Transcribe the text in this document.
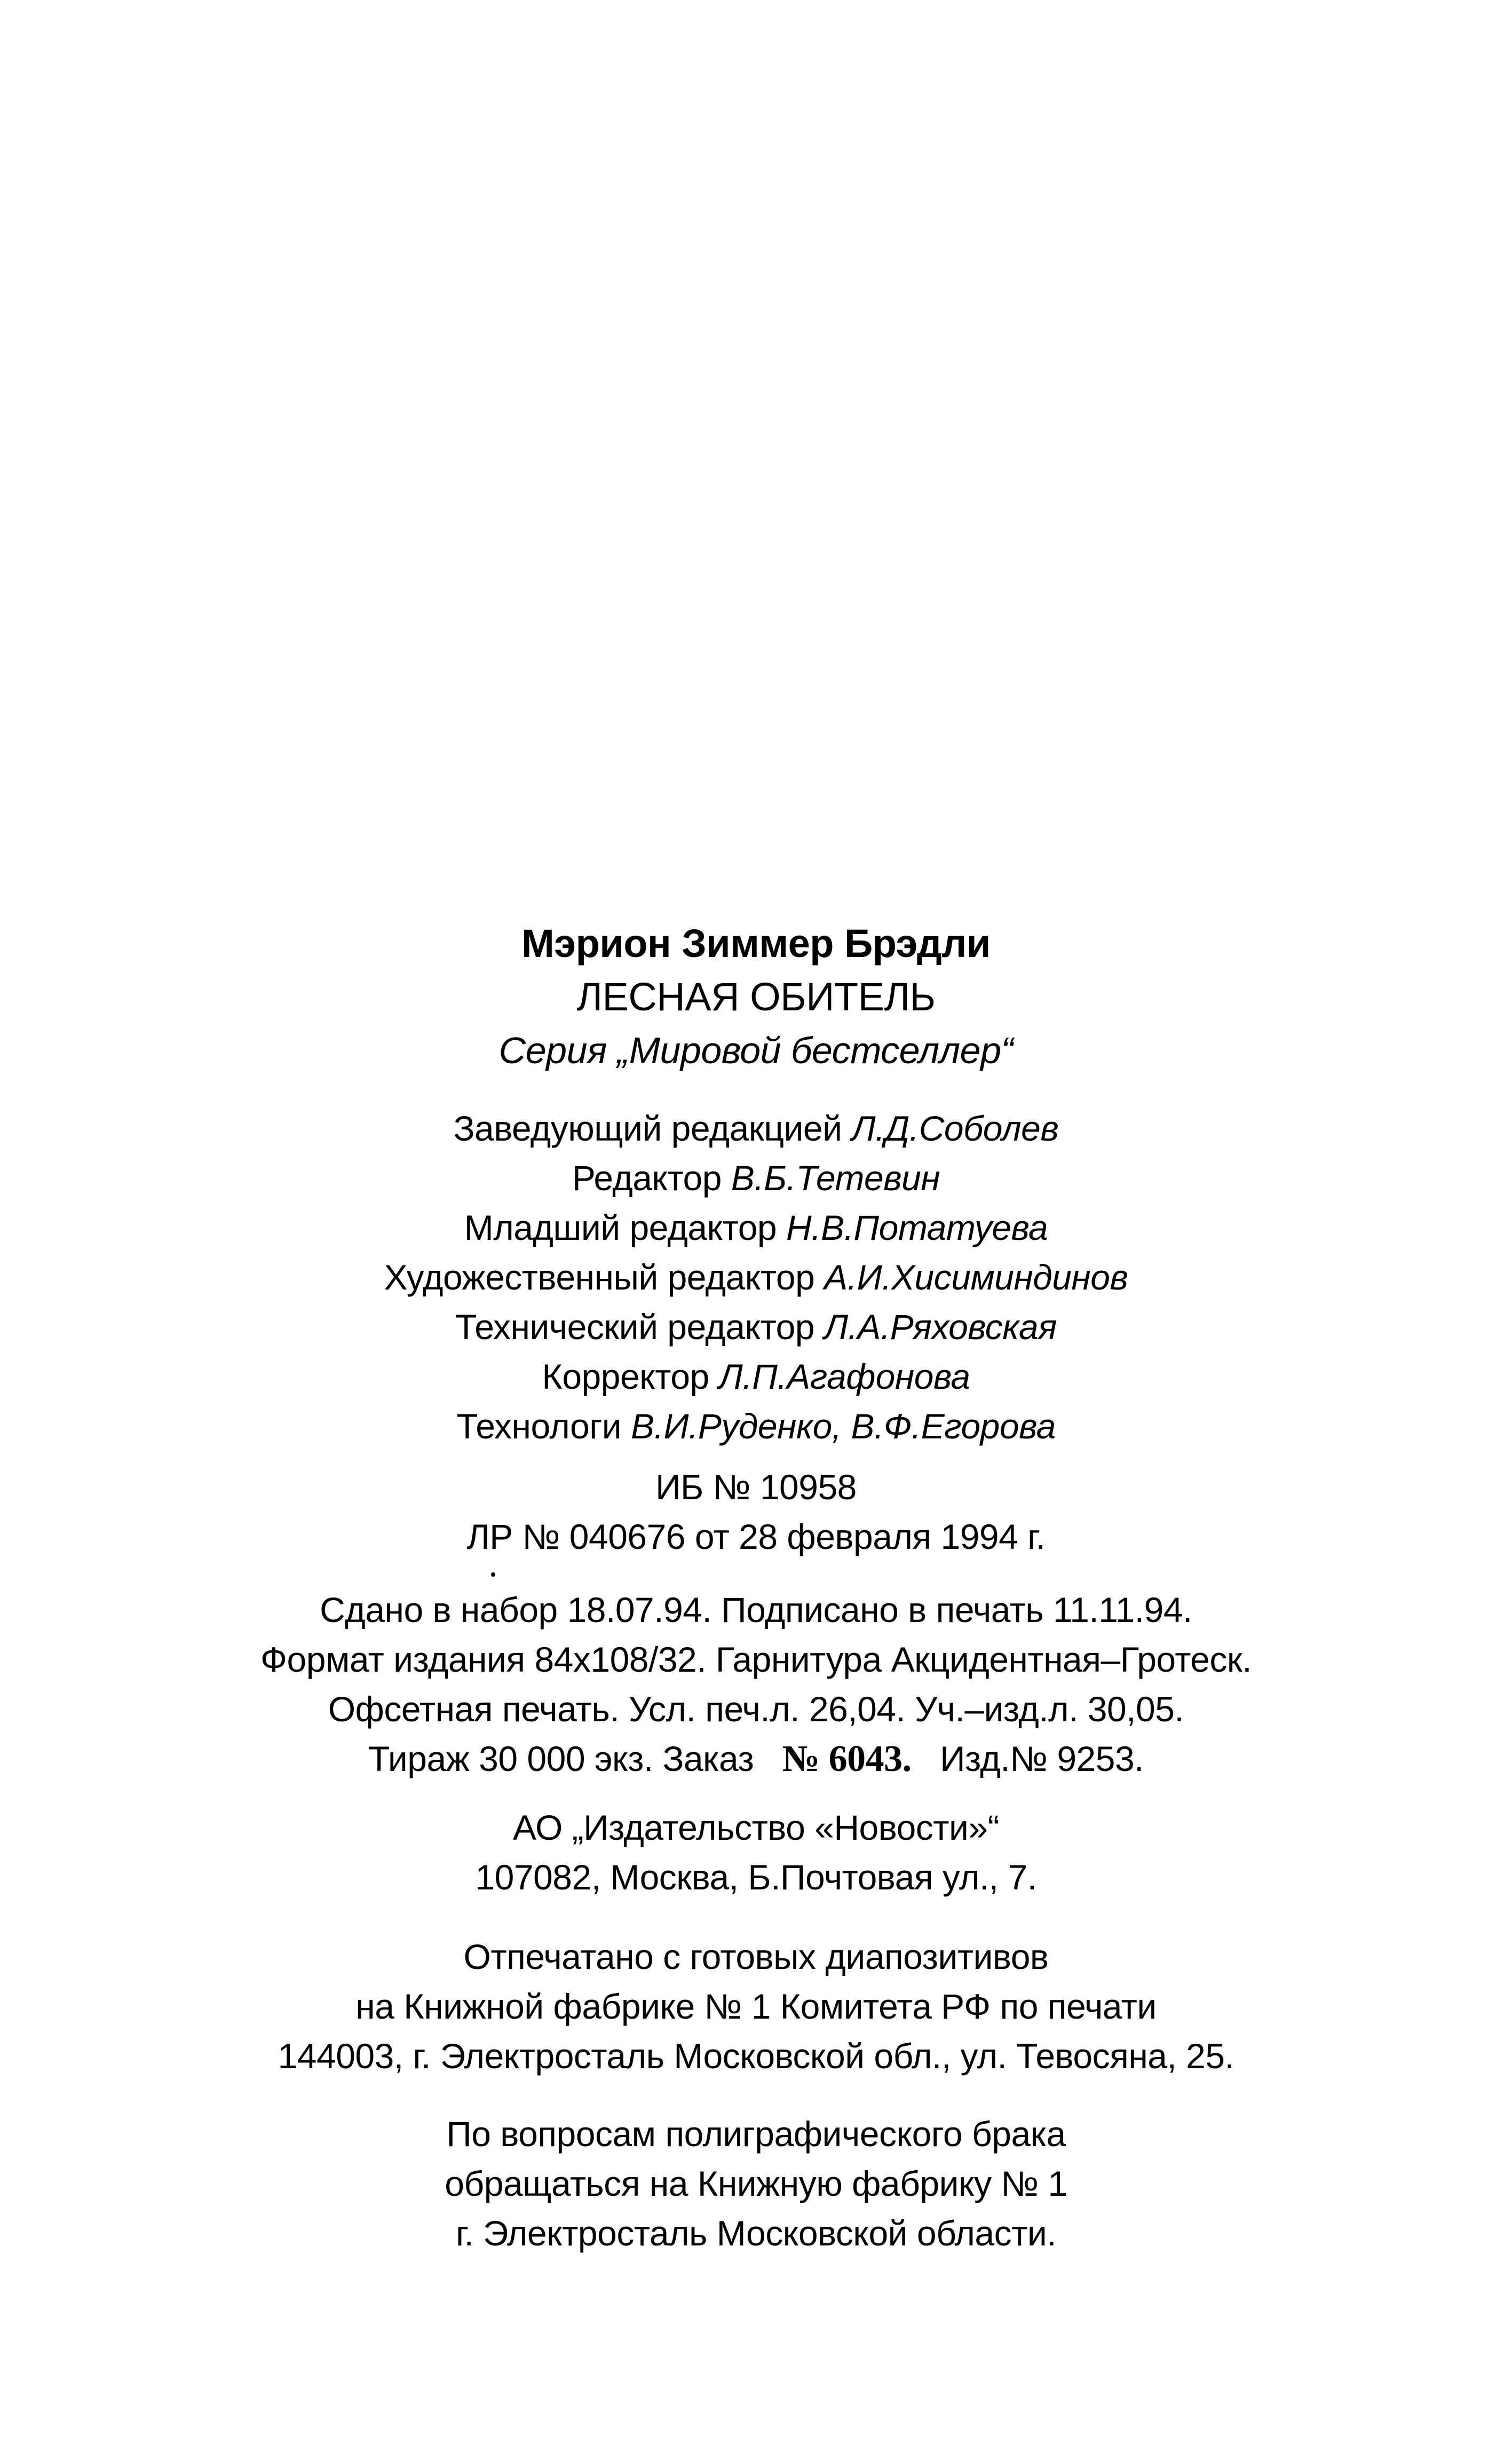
Мэрион Зиммер Брэдли
ЛЕСНАЯ ОБИТЕЛЬ
Серия „Мировой бестселлер“
Заведующий редакцией Л.Д.Соболев
Редактор В.Б.Тетевин
Младший редактор Н.В.Потатуева
Художественный редактор А.И.Хисиминдинов
Технический редактор Л.А.Ряховская
Корректор Л.П.Агафонова
Технологи В.И.Руденко, В.Ф.Егорова
ИБ № 10958
ЛР № 040676 от 28 февраля 1994 г.
Сдано в набор 18.07.94. Подписано в печать 11.11.94.
Формат издания 84x108/32. Гарнитура Акцидентная–Гротеск.
Офсетная печать. Усл. печ.л. 26,04. Уч.–изд.л. 30,05.
Тираж 30 000 экз. Заказ № 6043. Изд.№ 9253.
АО „Издательство «Новости»“
107082, Москва, Б.Почтовая ул., 7.
Отпечатано с готовых диапозитивов
на Книжной фабрике № 1 Комитета РФ по печати
144003, г. Электросталь Московской обл., ул. Тевосяна, 25.
По вопросам полиграфического брака
обращаться на Книжную фабрику № 1
г. Электросталь Московской области.
